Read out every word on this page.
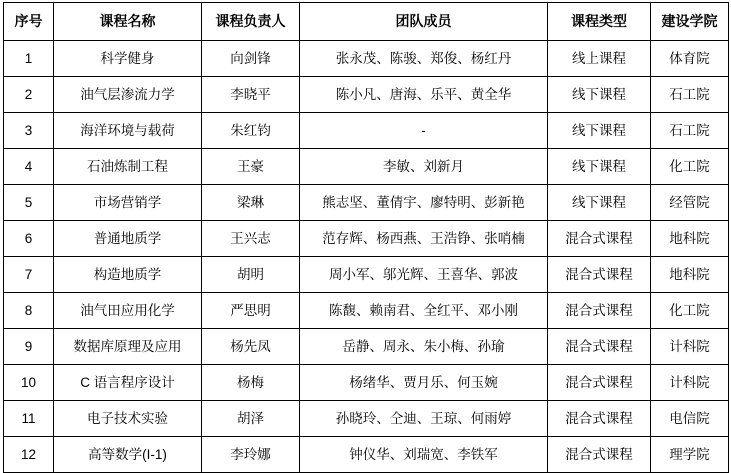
序号	课程名称	课程负责人	团队成员	课程类型	建设学院
1	科学健身	向剑锋	张永茂、陈骏、郑俊、杨红丹	线上课程	体育院
2	油气层渗流力学	李晓平	陈小凡、唐海、乐平、黄全华	线下课程	石工院
3	海洋环境与载荷	朱红钧	-	线下课程	石工院
4	石油炼制工程	王豪	李敏、刘新月	线下课程	化工院
5	市场营销学	梁琳	熊志坚、董倩宇、廖特明、彭新艳	线下课程	经管院
6	普通地质学	王兴志	范存辉、杨西燕、王浩铮、张哨楠	混合式课程	地科院
7	构造地质学	胡明	周小军、邬光辉、王喜华、郭波	混合式课程	地科院
8	油气田应用化学	严思明	陈馥、赖南君、全红平、邓小刚	混合式课程	化工院
9	数据库原理及应用	杨先凤	岳静、周永、朱小梅、孙瑜	混合式课程	计科院
10	C 语言程序设计	杨梅	杨绪华、贾月乐、何玉婉	混合式课程	计科院
11	电子技术实验	胡泽	孙晓玲、仝迪、王琼、何雨婷	混合式课程	电信院
12	高等数学(I-1)	李玲娜	钟仪华、刘瑞宽、李铁军	混合式课程	理学院
